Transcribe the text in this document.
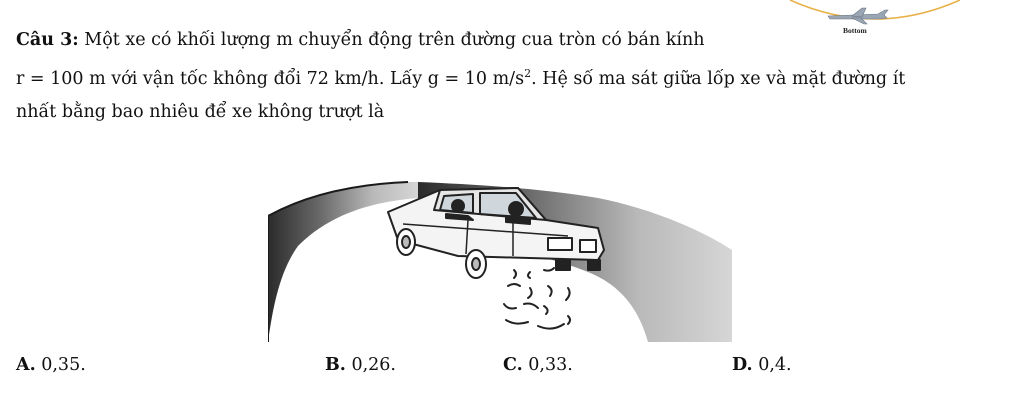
Câu 3: Một xe có khối lượng m chuyển động trên đường cua tròn có bán kính
r = 100 m với vận tốc không đổi 72 km/h. Lấy g = 10 $m/s^2$. Hệ số ma sát giữa lốp xe và mặt đường ít
nhất bằng bao nhiêu để xe không trượt là
Bottom
A. 0,35.	B. 0,26.	C. 0,33.	D. 0,4.
